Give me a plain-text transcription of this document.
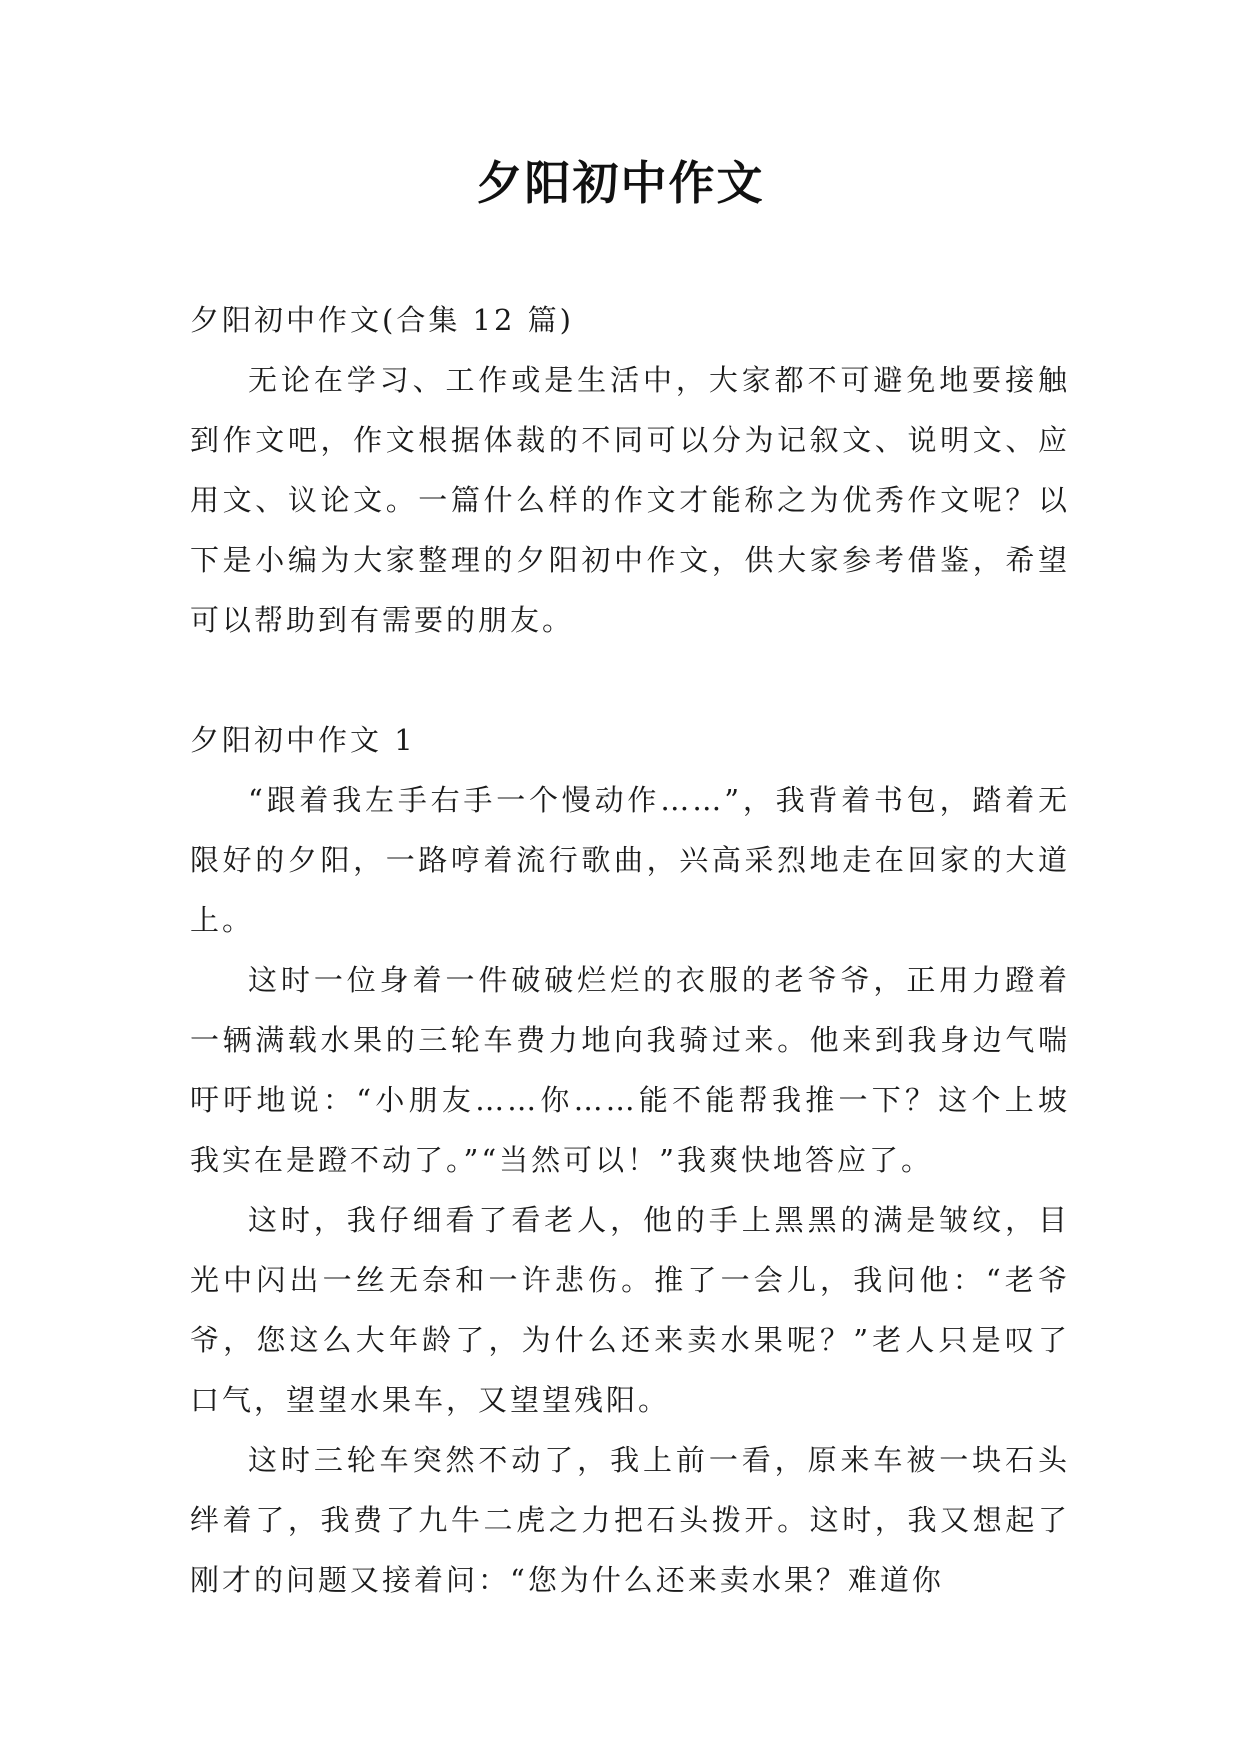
夕阳初中作文

夕阳初中作文(合集 12 篇)

无论在学习、工作或是生活中，大家都不可避免地要接触到作文吧，作文根据体裁的不同可以分为记叙文、说明文、应用文、议论文。一篇什么样的作文才能称之为优秀作文呢？以下是小编为大家整理的夕阳初中作文，供大家参考借鉴，希望可以帮助到有需要的朋友。

夕阳初中作文 1

“跟着我左手右手一个慢动作……”，我背着书包，踏着无限好的夕阳，一路哼着流行歌曲，兴高采烈地走在回家的大道上。

这时一位身着一件破破烂烂的衣服的老爷爷，正用力蹬着一辆满载水果的三轮车费力地向我骑过来。他来到我身边气喘吁吁地说：“小朋友……你……能不能帮我推一下？这个上坡我实在是蹬不动了。”“当然可以！”我爽快地答应了。

这时，我仔细看了看老人，他的手上黑黑的满是皱纹，目光中闪出一丝无奈和一许悲伤。推了一会儿，我问他：“老爷爷，您这么大年龄了，为什么还来卖水果呢？”老人只是叹了口气，望望水果车，又望望残阳。

这时三轮车突然不动了，我上前一看，原来车被一块石头绊着了，我费了九牛二虎之力把石头拨开。这时，我又想起了刚才的问题又接着问：“您为什么还来卖水果？难道你
